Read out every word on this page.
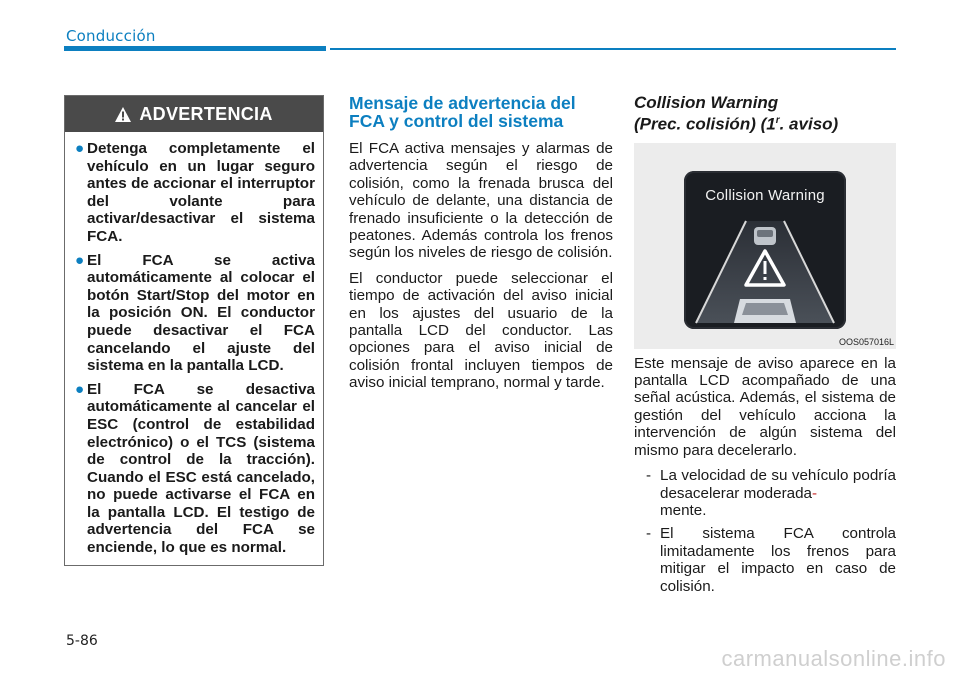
Conducción
ADVERTENCIA
● Detenga completamente el vehículo en un lugar seguro antes de accionar el interruptor del volante para activar/desactivar el sistema FCA.
● El FCA se activa automáticamente al colocar el botón Start/Stop del motor en la posición ON. El conductor puede desactivar el FCA cancelando el ajuste del sistema en la pantalla LCD.
● El FCA se desactiva automáticamente al cancelar el ESC (control de estabilidad electrónico) o el TCS (sistema de control de la tracción). Cuando el ESC está cancelado, no puede activarse el FCA en la pantalla LCD. El testigo de advertencia del FCA se enciende, lo que es normal.
Mensaje de advertencia del FCA y control del sistema

El FCA activa mensajes y alarmas de advertencia según el riesgo de colisión, como la frenada brusca del vehículo de delante, una distancia de frenado insuficiente o la detección de peatones. Además controla los frenos según los niveles de riesgo de colisión.

El conductor puede seleccionar el tiempo de activación del aviso inicial en los ajustes del usuario de la pantalla LCD del conductor. Las opciones para el aviso inicial de colisión frontal incluyen tiempos de aviso inicial temprano, normal y tarde.

Collision Warning
(Prec. colisión) (1$^r$. aviso)
Collision Warning
OOS057016L

Este mensaje de aviso aparece en la pantalla LCD acompañado de una señal acústica. Además, el sistema de gestión del vehículo acciona la intervención de algún sistema del mismo para decelerarlo.

- La velocidad de su vehículo podría desacelerar moderada-
mente.

- El sistema FCA controla limitadamente los frenos para mitigar el impacto en caso de colisión.

5-86
carmanualsonline.info
